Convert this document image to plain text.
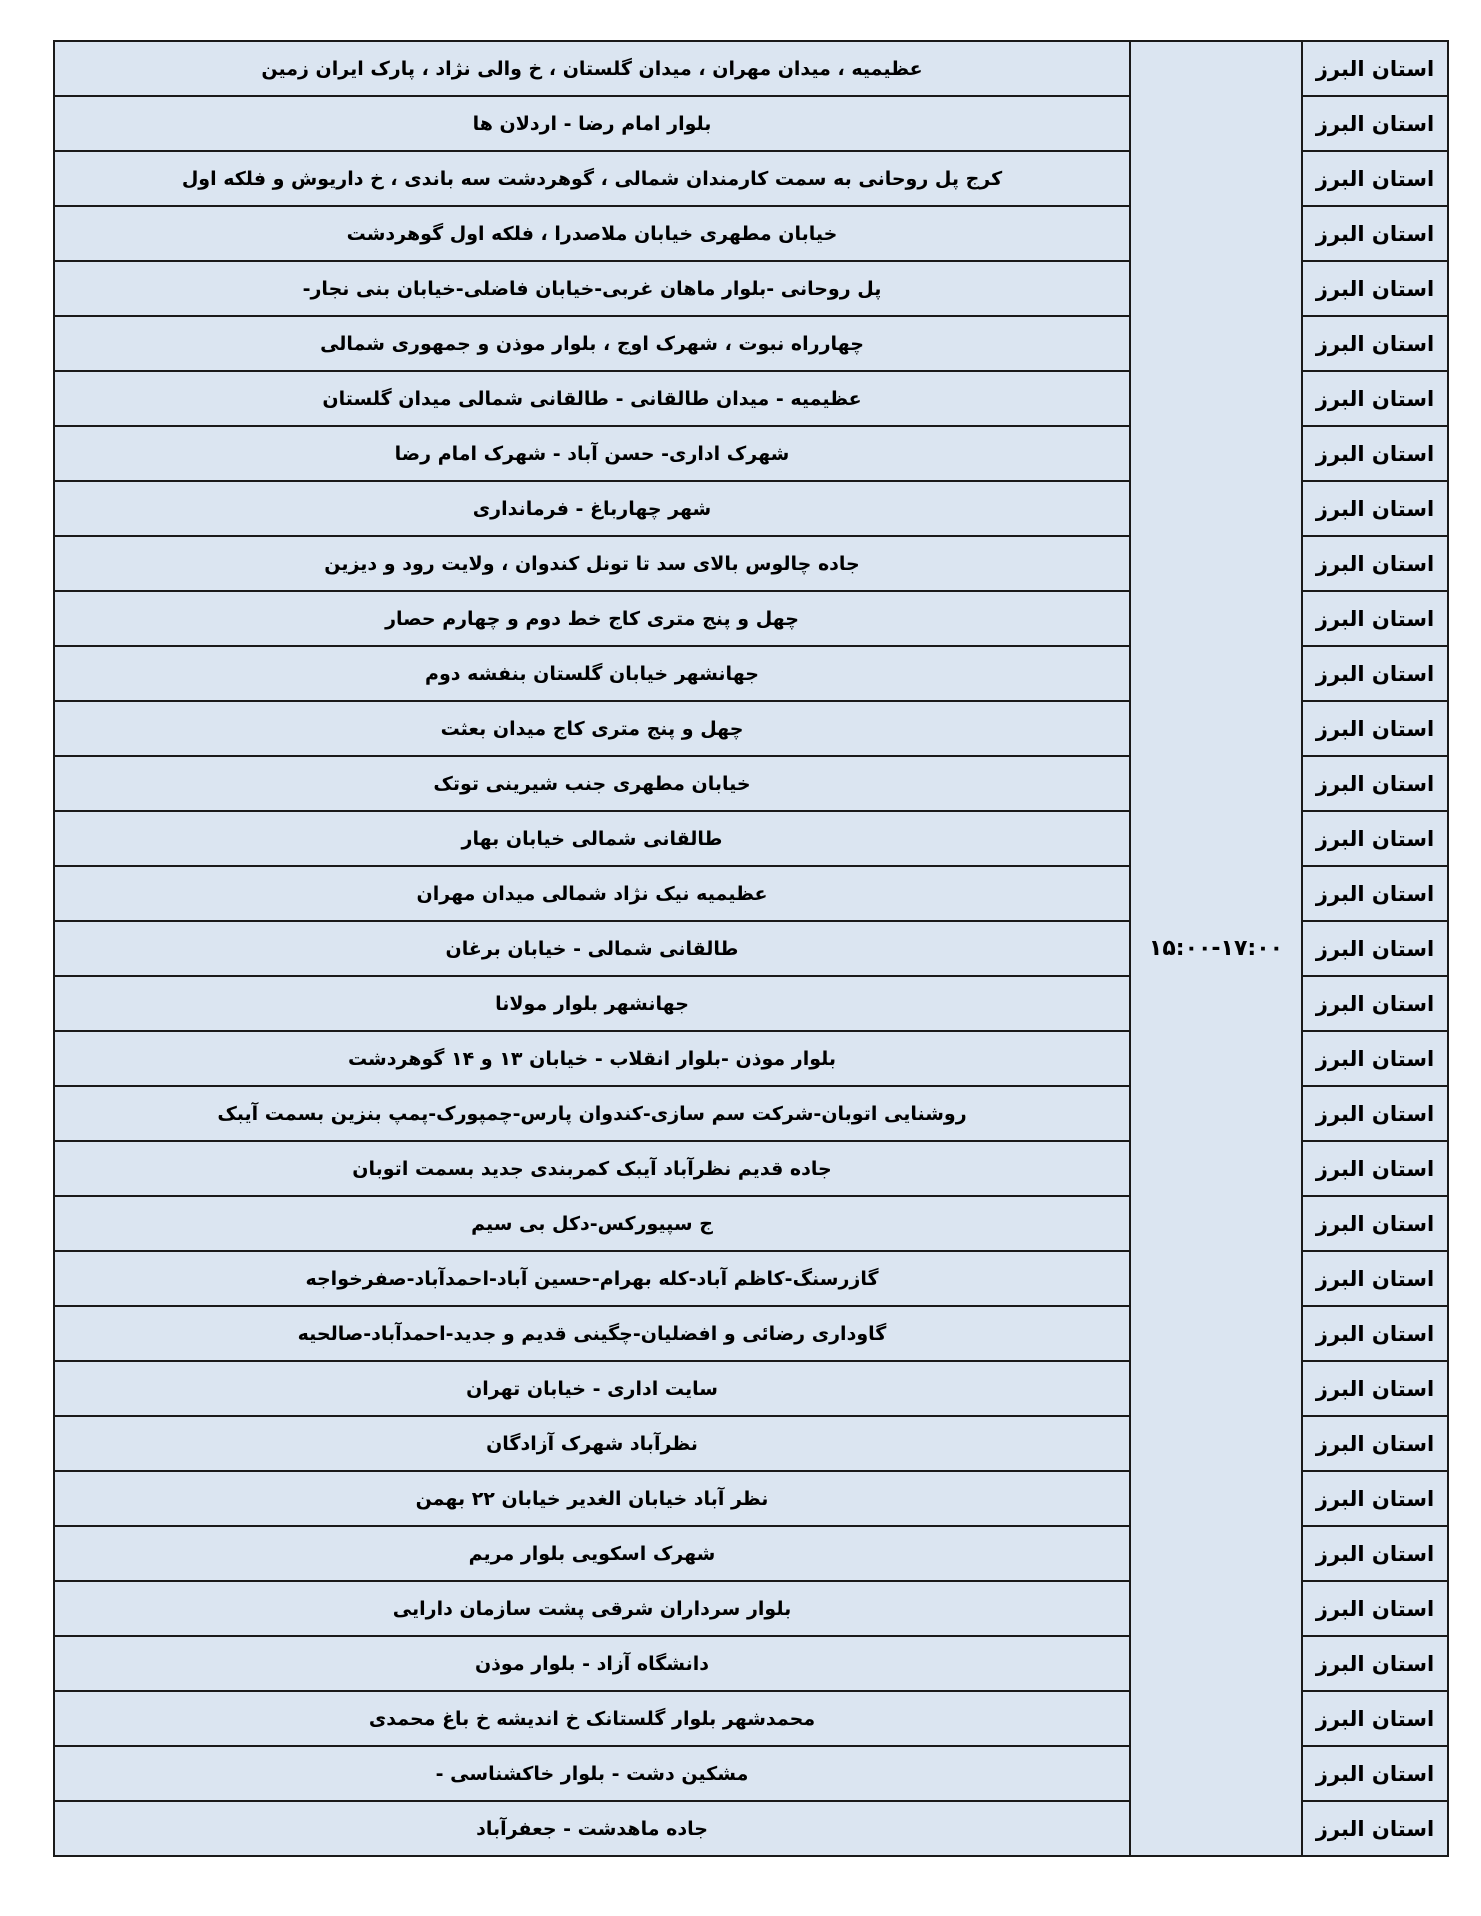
استان البرز	۱۵:۰۰-۱۷:۰۰	عظیمیه ، میدان مهران ، میدان گلستان ، خ والی نژاد ، پارک ایران زمین
استان البرز		بلوار امام رضا - اردلان ها
استان البرز		کرج پل روحانی به سمت کارمندان شمالی ، گوهردشت سه باندی ، خ داریوش و فلکه اول
استان البرز		خیابان مطهری خیابان ملاصدرا ، فلکه اول گوهردشت
استان البرز		پل روحانی -بلوار ماهان غربی-خیابان فاضلی-خیابان بنی نجار-
استان البرز		چهارراه نبوت ، شهرک اوج ، بلوار موذن و جمهوری شمالی
استان البرز		عظیمیه - میدان طالقانی - طالقانی شمالی میدان گلستان
استان البرز		شهرک اداری- حسن آباد - شهرک امام رضا
استان البرز		شهر چهارباغ - فرمانداری
استان البرز		جاده چالوس بالای سد تا تونل کندوان ، ولایت رود و دیزین
استان البرز		چهل و پنج متری کاج خط دوم و چهارم حصار
استان البرز		جهانشهر خیابان گلستان بنفشه دوم
استان البرز		چهل و پنج متری کاج میدان بعثت
استان البرز		خیابان مطهری جنب شیرینی توتک
استان البرز		طالقانی شمالی خیابان بهار
استان البرز		عظیمیه نیک نژاد شمالی میدان مهران
استان البرز		طالقانی شمالی - خیابان برغان
استان البرز		جهانشهر بلوار مولانا
استان البرز		بلوار موذن -بلوار انقلاب - خیابان ۱۳ و ۱۴ گوهردشت
استان البرز		روشنایی اتوبان-شرکت سم سازی-کندوان پارس-چمپورک-پمپ بنزین بسمت آیبک
استان البرز		جاده قدیم نظرآباد آیبک کمربندی جدید بسمت اتوبان
استان البرز		ج سپیورکس-دکل بی سیم
استان البرز		گازرسنگ-کاظم آباد-کله بهرام-حسین آباد-احمدآباد-صفرخواجه
استان البرز		گاوداری رضائی و افضلیان-چگینی قدیم و جدید-احمدآباد-صالحیه
استان البرز		سایت اداری - خیابان تهران
استان البرز		نظرآباد شهرک آزادگان
استان البرز		نظر آباد خیابان الغدیر خیابان ۲۲ بهمن
استان البرز		شهرک اسکویی بلوار مریم
استان البرز		بلوار سرداران شرقی پشت سازمان دارایی
استان البرز		دانشگاه آزاد - بلوار موذن
استان البرز		محمدشهر بلوار گلستانک خ اندیشه خ باغ محمدی
استان البرز		مشکین دشت - بلوار خاکشناسی -
استان البرز		جاده ماهدشت - جعفرآباد
